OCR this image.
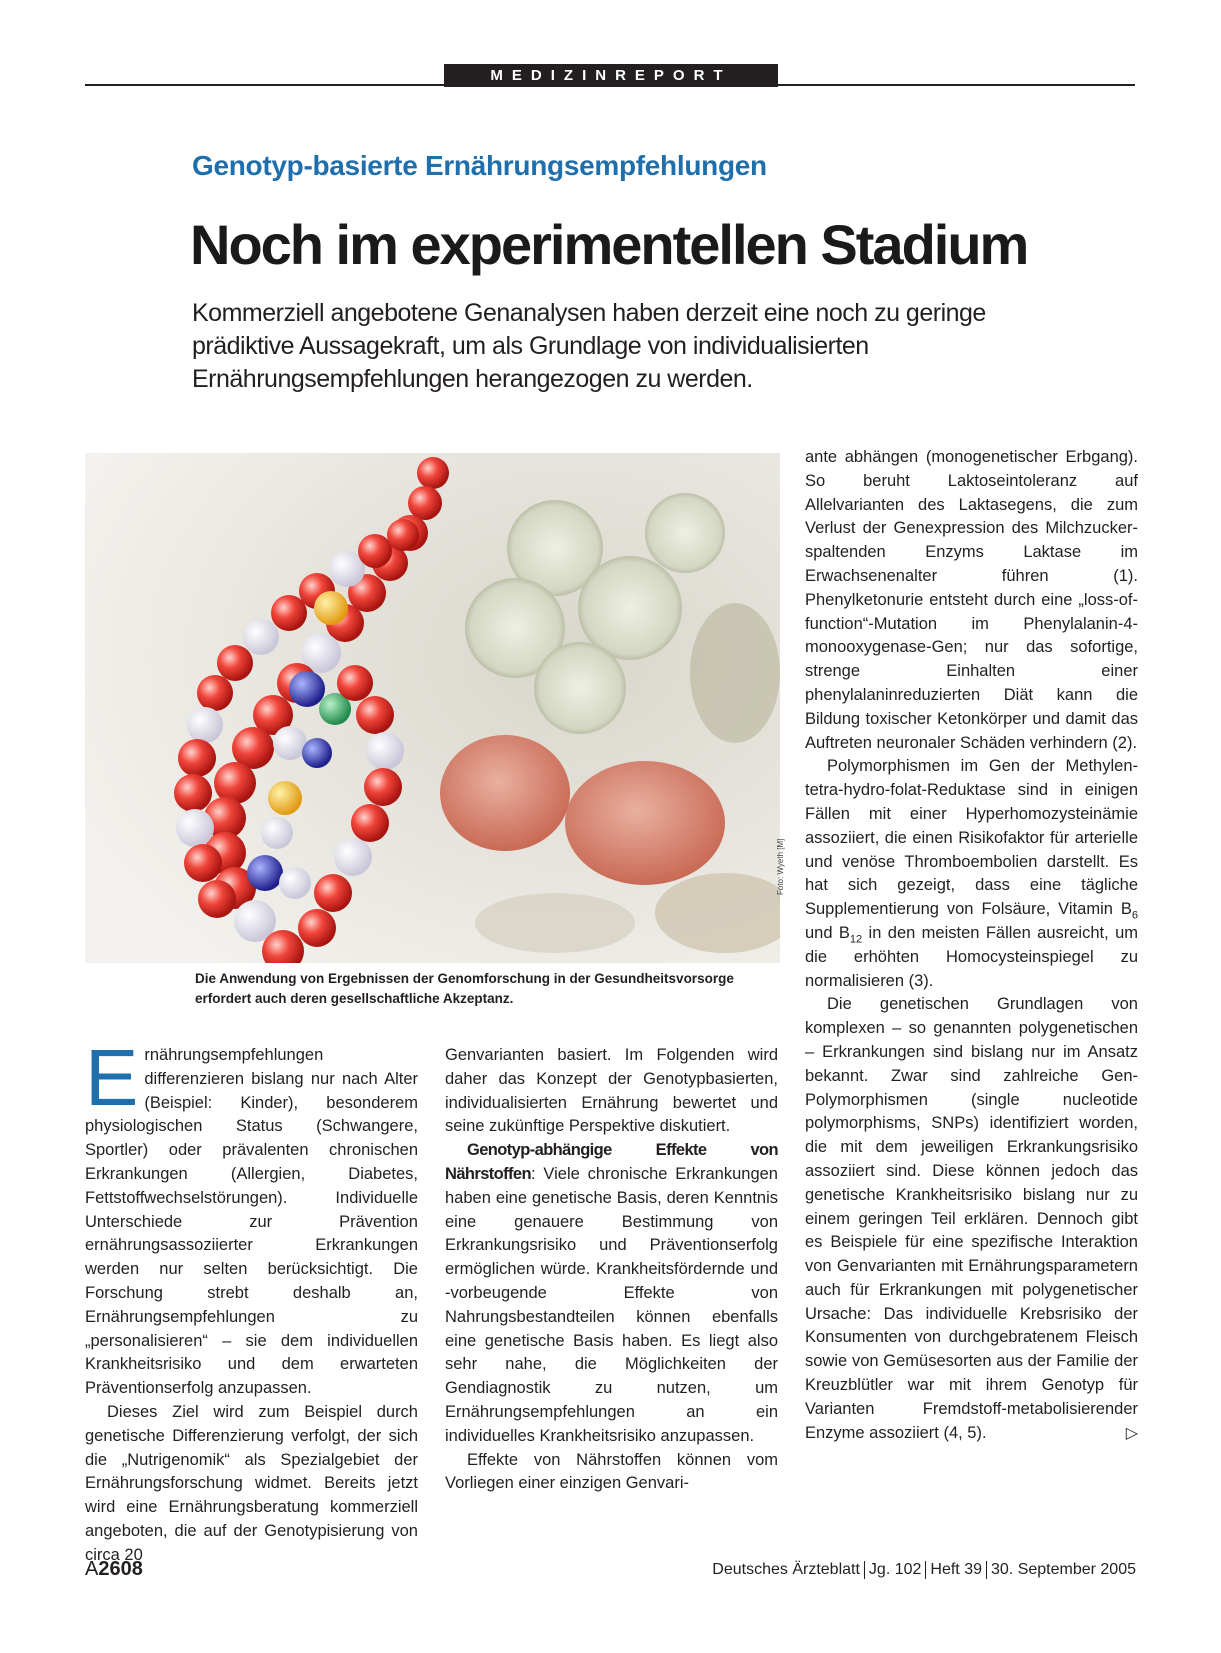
MEDIZINREPORT
Genotyp-basierte Ernährungsempfehlungen
Noch im experimentellen Stadium
Kommerziell angebotene Genanalysen haben derzeit eine noch zu geringe prädiktive Aussagekraft, um als Grundlage von individualisierten Ernährungsempfehlungen herangezogen zu werden.
Foto: Wyeth [M]
Die Anwendung von Ergebnissen der Genomforschung in der Gesundheitsvorsorge erfordert auch deren gesellschaftliche Akzeptanz.

Ernährungsempfehlungen differenzieren bislang nur nach Alter (Beispiel: Kinder), besonderem physiologischen Status (Schwangere, Sportler) oder prävalenten chronischen Erkrankungen (Allergien, Diabetes, Fettstoffwechselstörungen). Individuelle Unterschiede zur Prävention ernährungsassoziierter Erkrankungen werden nur selten berücksichtigt. Die Forschung strebt deshalb an, Ernährungsempfehlungen zu „personalisieren“ – sie dem individuellen Krankheitsrisiko und dem erwarteten Präventionserfolg anzupassen.

Dieses Ziel wird zum Beispiel durch genetische Differenzierung verfolgt, der sich die „Nutrigenomik“ als Spezialgebiet der Ernährungsforschung widmet. Bereits jetzt wird eine Ernährungsberatung kommerziell angeboten, die auf der Genotypisierung von circa 20

Genvarianten basiert. Im Folgenden wird daher das Konzept der Genotypbasierten, individualisierten Ernährung bewertet und seine zukünftige Perspektive diskutiert.

Genotyp-abhängige Effekte von Nährstoffen: Viele chronische Erkrankungen haben eine genetische Basis, deren Kenntnis eine genauere Bestimmung von Erkrankungsrisiko und Präventionserfolg ermöglichen würde. Krankheitsfördernde und -vorbeugende Effekte von Nahrungsbestandteilen können ebenfalls eine genetische Basis haben. Es liegt also sehr nahe, die Möglichkeiten der Gendiagnostik zu nutzen, um Ernährungsempfehlungen an ein individuelles Krankheitsrisiko anzupassen.

Effekte von Nährstoffen können vom Vorliegen einer einzigen Genvari-

ante abhängen (monogenetischer Erbgang). So beruht Laktoseintoleranz auf Allelvarianten des Laktasegens, die zum Verlust der Genexpression des Milchzucker-spaltenden Enzyms Laktase im Erwachsenenalter führen (1). Phenylketonurie entsteht durch eine „loss-of-function“-Mutation im Phenylalanin-4-monooxygenase-Gen; nur das sofortige, strenge Einhalten einer phenylalaninreduzierten Diät kann die Bildung toxischer Ketonkörper und damit das Auftreten neuronaler Schäden verhindern (2).

Polymorphismen im Gen der Methylen-tetra-hydro-folat-Reduktase sind in einigen Fällen mit einer Hyperhomozysteinämie assoziiert, die einen Risikofaktor für arterielle und venöse Thromboembolien darstellt. Es hat sich gezeigt, dass eine tägliche Supplementierung von Folsäure, Vitamin $B_6$ und $B_{12}$ in den meisten Fällen ausreicht, um die erhöhten Homocysteinspiegel zu normalisieren (3).

Die genetischen Grundlagen von komplexen – so genannten polygenetischen – Erkrankungen sind bislang nur im Ansatz bekannt. Zwar sind zahlreiche Gen-Polymorphismen (single nucleotide polymorphisms, SNPs) identifiziert worden, die mit dem jeweiligen Erkrankungsrisiko assoziiert sind. Diese können jedoch das genetische Krankheitsrisiko bislang nur zu einem geringen Teil erklären. Dennoch gibt es Beispiele für eine spezifische Interaktion von Genvarianten mit Ernährungsparametern auch für Erkrankungen mit polygenetischer Ursache: Das individuelle Krebsrisiko der Konsumenten von durchgebratenem Fleisch sowie von Gemüsesorten aus der Familie der Kreuzblütler war mit ihrem Genotyp für Varianten Fremdstoff-metabolisierender Enzyme assoziiert (4, 5).	▷

A2608	Deutsches Ärzteblatt Jg. 102 Heft 39 30. September 2005
